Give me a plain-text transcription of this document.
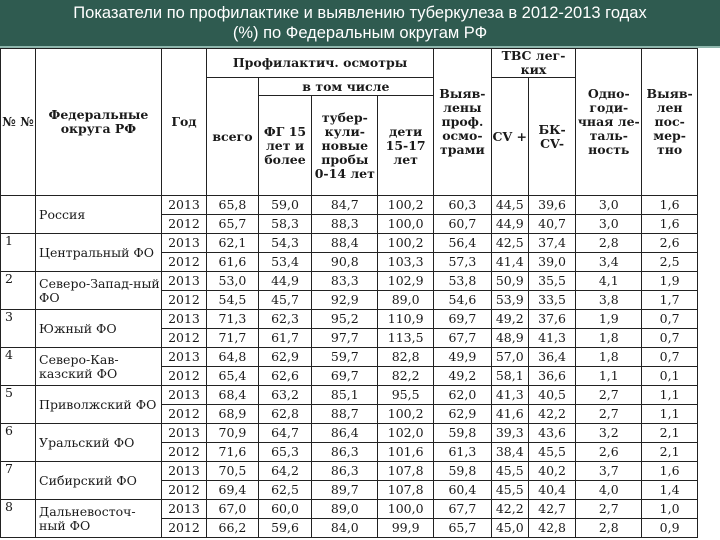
Показатели по профилактике и выявлению туберкулеза в 2012-2013 годах
(%) по Федеральным округам РФ
№ №	Федеральные округа РФ	Год	Профилактич. осмотры				Выяв-лены проф. осмо-трами	ТВС лег-ких		Одно-годи-чная ле-таль-ность	Выяв-лен пос-мер-тно
			всего	в том числе				CV +	БК-CV-		
				ФГ 15 лет и более	тубер-кули-новые пробы 0-14 лет	дети 15-17 лет					
	Россия	2013	65,8	59,0	84,7	100,2	60,3	44,5	39,6	3,0	1,6
		2012	65,7	58,3	88,3	100,0	60,7	44,9	40,7	3,0	1,6
1	Центральный ФО	2013	62,1	54,3	88,4	100,2	56,4	42,5	37,4	2,8	2,6
		2012	61,6	53,4	90,8	103,3	57,3	41,4	39,0	3,4	2,5
2	Северо-Запад-ный ФО	2013	53,0	44,9	83,3	102,9	53,8	50,9	35,5	4,1	1,9
		2012	54,5	45,7	92,9	89,0	54,6	53,9	33,5	3,8	1,7
3	Южный ФО	2013	71,3	62,3	95,2	110,9	69,7	49,2	37,6	1,9	0,7
		2012	71,7	61,7	97,7	113,5	67,7	48,9	41,3	1,8	0,7
4	Северо-Кав-казский ФО	2013	64,8	62,9	59,7	82,8	49,9	57,0	36,4	1,8	0,7
		2012	65,4	62,6	69,7	82,2	49,2	58,1	36,6	1,1	0,1
5	Приволжский ФО	2013	68,4	63,2	85,1	95,5	62,0	41,3	40,5	2,7	1,1
		2012	68,9	62,8	88,7	100,2	62,9	41,6	42,2	2,7	1,1
6	Уральский ФО	2013	70,9	64,7	86,4	102,0	59,8	39,3	43,6	3,2	2,1
		2012	71,6	65,3	86,3	101,6	61,3	38,4	45,5	2,6	2,1
7	Сибирский ФО	2013	70,5	64,2	86,3	107,8	59,8	45,5	40,2	3,7	1,6
		2012	69,4	62,5	89,7	107,8	60,4	45,5	40,4	4,0	1,4
8	Дальневосточ-ный ФО	2013	67,0	60,0	89,0	100,0	67,7	42,2	42,7	2,7	1,0
		2012	66,2	59,6	84,0	99,9	65,7	45,0	42,8	2,8	0,9
